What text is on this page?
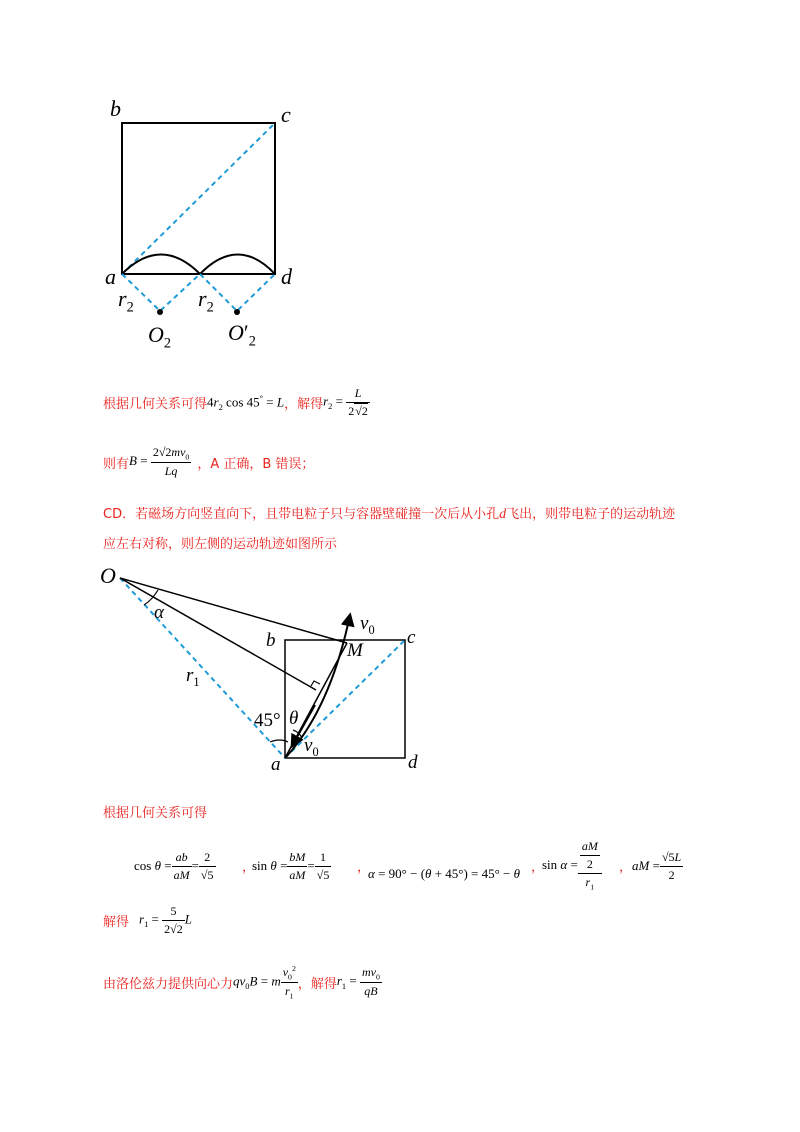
b	c
a	d
$r_2$	$r_2$
$O_2$	$O'_2$
根据几何关系可得 $4r_2$ cos 45° = L ，解得 $r_2 = \frac{L}{2√2}$
则有 $B = \frac{2√2mv_0}{Lq}$ ，A 正确，B 错误；
CD．若磁场方向竖直向下，且带电粒子只与容器壁碰撞一次后从小孔d飞出，则带电粒子的运动轨迹
应左右对称，则左侧的运动轨迹如图所示
O
α
$v_0$
M
b	c
$r_1$
45° θ
$v_0$
a	d
根据几何关系可得
cos
$\theta = \frac{ab}{aM} = \frac{2}{√5}$ ，
sin
$\theta = \frac{bM}{aM} = \frac{1}{√5}$ ，
α = 90° − (θ + 45°) = 45° − θ ，
sin
$\alpha = \frac{\frac{aM}{2}}{r_1}$ ， aM = $\frac{√5L}{2}$
解得 $r_1 = \frac{5}{2√2}$ L
由洛伦兹力提供向心力 $qv_0B = m \frac{v_0^2}{r_1}$ ，解得 $r_1 = \frac{mv_0}{qB}$
